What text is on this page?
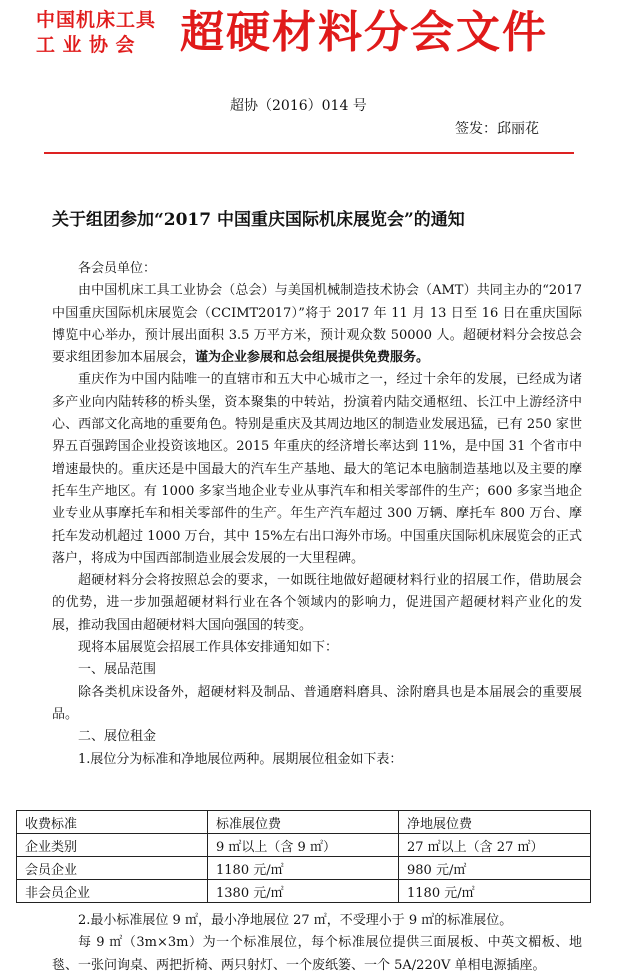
中国机床工具
工业协会 超硬材料分会文件
超协（2016）014 号
签发：邱丽花
关于组团参加“2017 中国重庆国际机床展览会”的通知

各会员单位：

由中国机床工具工业协会（总会）与美国机械制造技术协会（AMT）共同主办的“2017 中国重庆国际机床展览会（CCIMT2017）”将于 2017 年 11 月 13 日至 16 日在重庆国际博览中心举办，预计展出面积 3.5 万平方米，预计观众数 50000 人。超硬材料分会按总会要求组团参加本届展会，谨为企业参展和总会组展提供免费服务。

重庆作为中国内陆唯一的直辖市和五大中心城市之一，经过十余年的发展，已经成为诸多产业向内陆转移的桥头堡，资本聚集的中转站，扮演着内陆交通枢纽、长江中上游经济中心、西部文化高地的重要角色。特别是重庆及其周边地区的制造业发展迅猛，已有 250 家世界五百强跨国企业投资该地区。2015 年重庆的经济增长率达到 11%，是中国 31 个省市中增速最快的。重庆还是中国最大的汽车生产基地、最大的笔记本电脑制造基地以及主要的摩托车生产地区。有 1000 多家当地企业专业从事汽车和相关零部件的生产；600 多家当地企业专业从事摩托车和相关零部件的生产。年生产汽车超过 300 万辆、摩托车 800 万台、摩托车发动机超过 1000 万台，其中 15%左右出口海外市场。中国重庆国际机床展览会的正式落户，将成为中国西部制造业展会发展的一大里程碑。

超硬材料分会将按照总会的要求，一如既往地做好超硬材料行业的招展工作，借助展会的优势，进一步加强超硬材料行业在各个领域内的影响力，促进国产超硬材料产业化的发展，推动我国由超硬材料大国向强国的转变。

现将本届展览会招展工作具体安排通知如下：

一、展品范围

除各类机床设备外，超硬材料及制品、普通磨料磨具、涂附磨具也是本届展会的重要展品。

二、展位租金

1.展位分为标准和净地展位两种。展期展位租金如下表：

收费标准	标准展位费	净地展位费
企业类别	9 ㎡以上（含 9 ㎡）	27 ㎡以上（含 27 ㎡）
会员企业	1180 元/㎡	980 元/㎡
非会员企业	1380 元/㎡	1180 元/㎡

2.最小标准展位 9 ㎡，最小净地展位 27 ㎡，不受理小于 9 ㎡的标准展位。

每 9 ㎡（3m×3m）为一个标准展位，每个标准展位提供三面展板、中英文楣板、地毯、一张问询桌、两把折椅、两只射灯、一个废纸篓、一个 5A/220V 单相电源插座。
